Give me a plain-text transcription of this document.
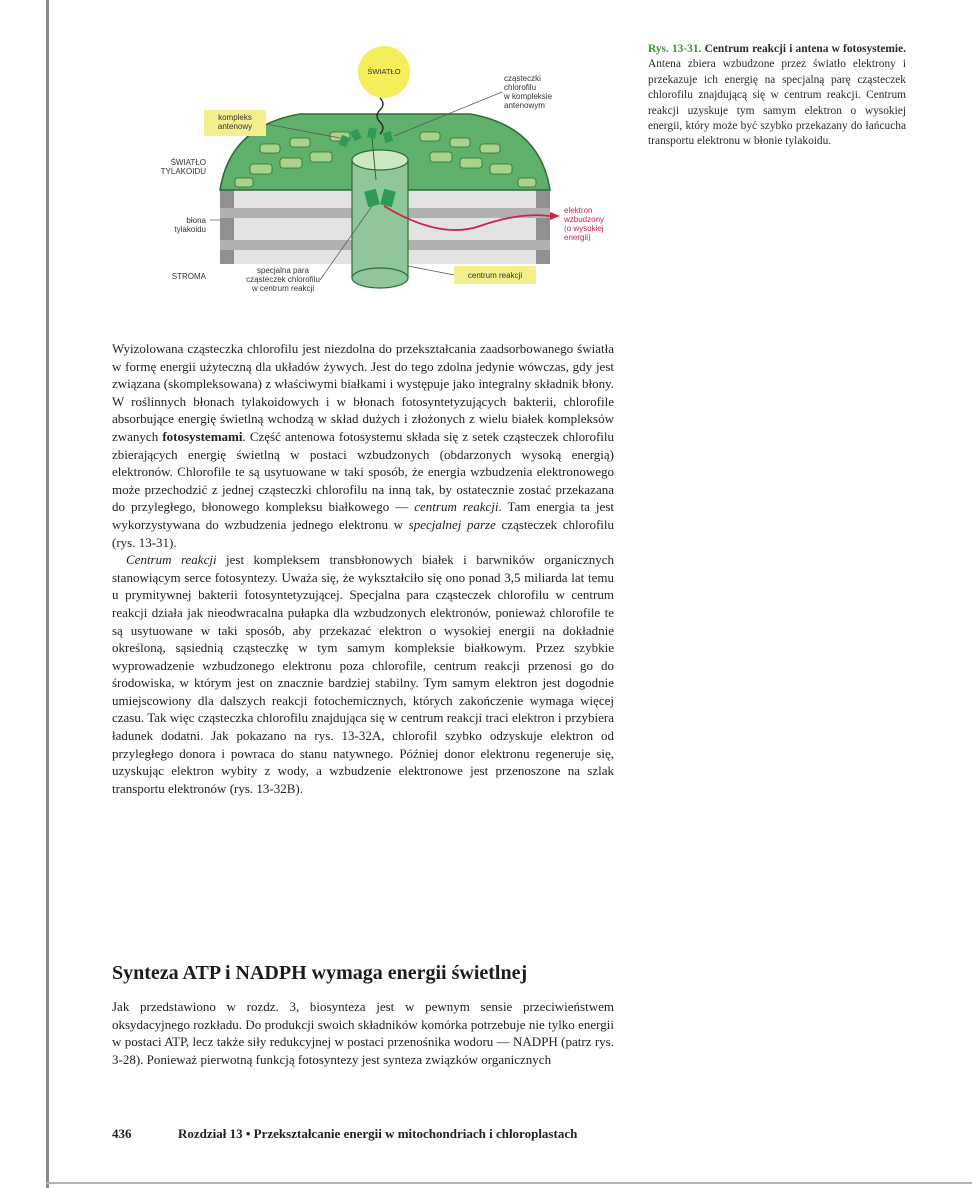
ŚWIATŁO
cząsteczki
chlorofilu
w kompleksie
antenowym
kompleks
antenowy
ŚWIATŁO
TYLAKOIDU
błona
tylakoidu
elektron
wzbudzony
(o wysokiej
energii)
STROMA
specjalna para
cząsteczek chlorofilu
w centrum reakcji
centrum reakcji
Rys. 13-31. Centrum reakcji i antena w fotosystemie. Antena zbiera wzbudzone przez światło elektrony i przekazuje ich energię na specjalną parę cząsteczek chlorofilu znajdującą się w centrum reakcji. Centrum reakcji uzyskuje tym samym elektron o wysokiej energii, który może być szybko przekazany do łańcucha transportu elektronu w błonie tylakoidu.

Wyizolowana cząsteczka chlorofilu jest niezdolna do przekształcania zaadsorbowanego światła w formę energii użyteczną dla układów żywych. Jest do tego zdolna jedynie wówczas, gdy jest związana (skompleksowana) z właściwymi białkami i występuje jako integralny składnik błony. W roślinnych błonach tylakoidowych i w błonach fotosyntetyzujących bakterii, chlorofile absorbujące energię świetlną wchodzą w skład dużych i złożonych z wielu białek kompleksów zwanych fotosystemami. Część antenowa fotosystemu składa się z setek cząsteczek chlorofilu zbierających energię świetlną w postaci wzbudzonych (obdarzonych wysoką energią) elektronów. Chlorofile te są usytuowane w taki sposób, że energia wzbudzenia elektronowego może przechodzić z jednej cząsteczki chlorofilu na inną tak, by ostatecznie zostać przekazana do przyległego, błonowego kompleksu białkowego — centrum reakcji. Tam energia ta jest wykorzystywana do wzbudzenia jednego elektronu w specjalnej parze cząsteczek chlorofilu (rys. 13-31).

Centrum reakcji jest kompleksem transbłonowych białek i barwników organicznych stanowiącym serce fotosyntezy. Uważa się, że wykształciło się ono ponad 3,5 miliarda lat temu u prymitywnej bakterii fotosyntetyzującej. Specjalna para cząsteczek chlorofilu w centrum reakcji działa jak nieodwracalna pułapka dla wzbudzonych elektronów, ponieważ chlorofile te są usytuowane w taki sposób, aby przekazać elektron o wysokiej energii na dokładnie określoną, sąsiednią cząsteczkę w tym samym kompleksie białkowym. Przez szybkie wyprowadzenie wzbudzonego elektronu poza chlorofile, centrum reakcji przenosi go do środowiska, w którym jest on znacznie bardziej stabilny. Tym samym elektron jest dogodnie umiejscowiony dla dalszych reakcji fotochemicznych, których zakończenie wymaga więcej czasu. Tak więc cząsteczka chlorofilu znajdująca się w centrum reakcji traci elektron i przybiera ładunek dodatni. Jak pokazano na rys. 13-32A, chlorofil szybko odzyskuje elektron od przyległego donora i powraca do stanu natywnego. Później donor elektronu regeneruje się, uzyskując elektron wybity z wody, a wzbudzenie elektronowe jest przenoszone na szlak transportu elektronów (rys. 13-32B).

Synteza ATP i NADPH wymaga energii świetlnej

Jak przedstawiono w rozdz. 3, biosynteza jest w pewnym sensie przeciwieństwem oksydacyjnego rozkładu. Do produkcji swoich składników komórka potrzebuje nie tylko energii w postaci ATP, lecz także siły redukcyjnej w postaci przenośnika wodoru — NADPH (patrz rys. 3-28). Ponieważ pierwotną funkcją fotosyntezy jest synteza związków organicznych

436	Rozdział 13 • Przekształcanie energii w mitochondriach i chloroplastach
